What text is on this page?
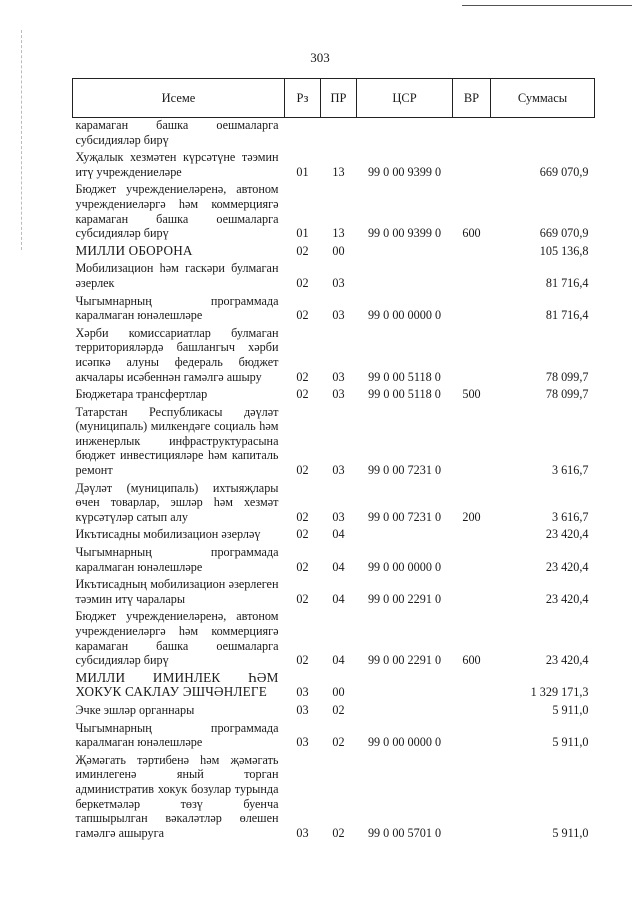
303
Исеме	Рз	ПР	ЦСР	ВР	Суммасы
карамаган башка оешмаларга субсидияләр бирү					
Хуҗалык хезмәтен күрсәтүне тәэмин итү учреждениеләре	01	13	99 0 00 9399 0		669 070,9
Бюджет учреждениеләренә, автоном учреждениеләргә һәм коммерциягә карамаган башка оешмаларга субсидияләр бирү	01	13	99 0 00 9399 0	600	669 070,9
МИЛЛИ ОБОРОНА	02	00			105 136,8
Мобилизацион һәм гаскәри булмаган әзерлек	02	03			81 716,4
Чыгымнарның программада каралмаган юнәлешләре	02	03	99 0 00 0000 0		81 716,4
Хәрби комиссариатлар булмаган территорияләрдә башлангыч хәрби исәпкә алуны федераль бюджет акчалары исәбеннән гамәлгә ашыру	02	03	99 0 00 5118 0		78 099,7
Бюджетара трансфертлар	02	03	99 0 00 5118 0	500	78 099,7
Татарстан Республикасы дәүләт (муниципаль) милкендәге социаль һәм инженерлык инфраструктурасына бюджет инвестицияләре һәм капиталь ремонт	02	03	99 0 00 7231 0		3 616,7
Дәүләт (муниципаль) ихтыяҗлары өчен товарлар, эшләр һәм хезмәт күрсәтүләр сатып алу	02	03	99 0 00 7231 0	200	3 616,7
Икътисадны мобилизацион әзерләү	02	04			23 420,4
Чыгымнарның программада каралмаган юнәлешләре	02	04	99 0 00 0000 0		23 420,4
Икътисадның мобилизацион әзерлеген тәэмин итү чаралары	02	04	99 0 00 2291 0		23 420,4
Бюджет учреждениеләренә, автоном учреждениеләргә һәм коммерциягә карамаган башка оешмаларга субсидияләр бирү	02	04	99 0 00 2291 0	600	23 420,4
МИЛЛИ ИМИНЛЕК ҺӘМ ХОКУК САКЛАУ ЭШЧӘНЛЕГЕ	03	00			1 329 171,3
Эчке эшләр органнары	03	02			5 911,0
Чыгымнарның программада каралмаган юнәлешләре	03	02	99 0 00 0000 0		5 911,0
Җәмәгать тәртибенә һәм җәмәгать иминлегенә яный торган административ хокук бозулар турында беркетмәләр төзү буенча тапшырылган вәкаләтләр өлешен гамәлгә ашыруга	03	02	99 0 00 5701 0		5 911,0
